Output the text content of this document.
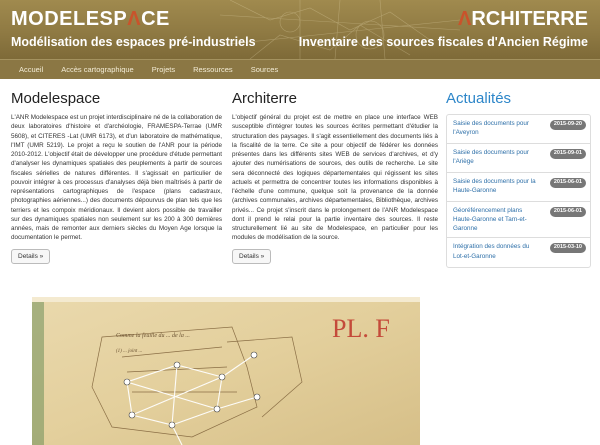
MODELESPΛCE
Modélisation des espaces pré-industriels
ΛRCHITERRE
Inventaire des sources fiscales d'Ancien Régime
Accueil	Accès cartographique	Projets	Ressources	Sources
Modelespace

L'ANR Modelespace est un projet interdisciplinaire né de la collaboration de deux laboratoires d'histoire et d'archéologie, FRAMESPA-Terrae (UMR 5608), et CITERES -Lat (UMR 6173), et d'un laboratoire de mathématique, l'IMT (UMR 5219). Le projet a reçu le soutien de l'ANR pour la période 2010-2012. L'objectif était de développer une procédure d'étude permettant d'analyser les dynamiques spatiales des peuplements à partir de sources fiscales sérielles de natures différentes. Il s'agissait en particulier de pouvoir intégrer à ces processus d'analyses déjà bien maîtrisés à partir de représentations cartographiques de l'espace (plans cadastraux, photographies aériennes...) des documents dépourvus de plan tels que les terriers et les compoix méridionaux. Il devient alors possible de travailler sur des dynamiques spatiales non seulement sur les 200 à 300 dernières années, mais de remonter aux derniers siècles du Moyen Age lorsque la documentation le permet.

Details »
Architerre

L'objectif général du projet est de mettre en place une interface WEB susceptible d'intégrer toutes les sources écrites permettant d'étudier la structuration des paysages. Il s'agit essentiellement des documents liés à la fiscalité de la terre. Ce site a pour objectif de fédérer les données présentes dans les différents sites WEB de services d'archives, et d'y ajouter des numérisations de sources, des outils de recherche. Le site sera déconnecté des logiques départementales qui régissent les sites actuels et permettra de concentrer toutes les informations disponibles à l'échelle d'une commune, quelque soit la provenance de la donnée (archives communales, archives départementales, Bibliothèque, archives privés... Ce projet s'inscrit dans le prolongement de l'ANR Modelespace dont il prend le relai pour la partie inventaire des sources. Il reste structurellement lié au site de Modelespace, en particulier pour les modules de modélisation de la source.

Details »
Actualités
Saisie des documents pour l'Aveyron
2015-09-20
Saisie des documents pour l'Ariège
2015-09-01
Saisie des documents pour la Haute-Garonne
2015-06-01
Géoréférencement plans Haute-Garonne et Tarn-et-Garonne
2015-06-01
Intégration des données du Lot-et-Garonne
2015-03-10
PL. F
Comme la feuille du ... de la ...
(1) ... joint ...
